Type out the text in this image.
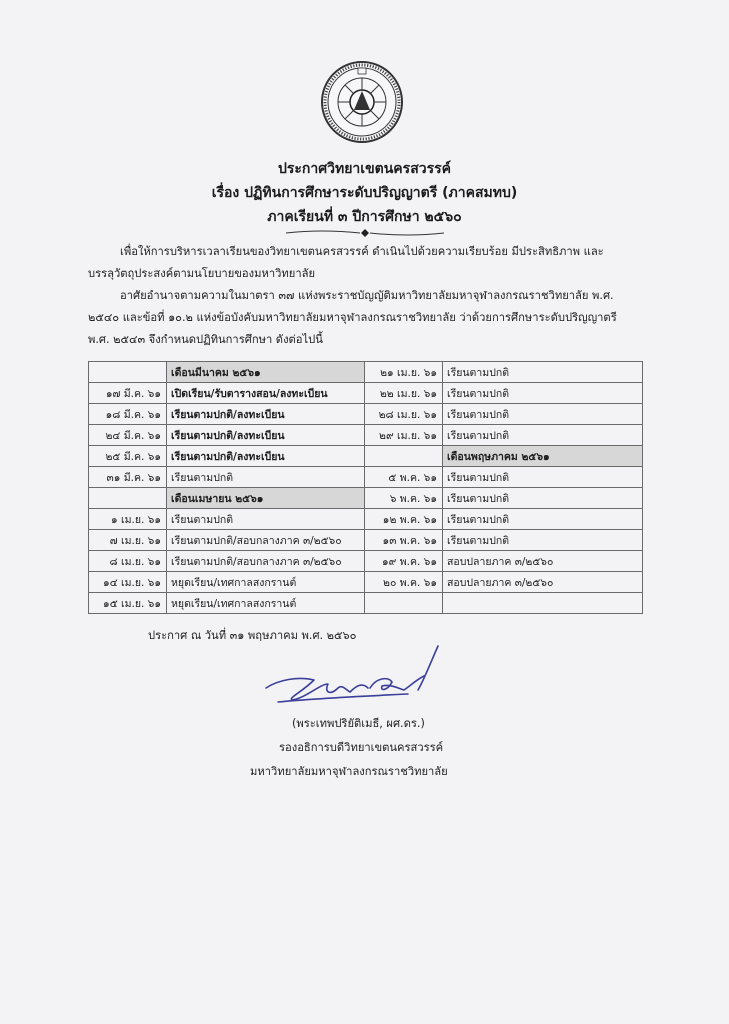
ประกาศวิทยาเขตนครสวรรค์
เรื่อง ปฏิทินการศึกษาระดับปริญญาตรี (ภาคสมทบ)
ภาคเรียนที่ ๓ ปีการศึกษา ๒๕๖๐
เพื่อให้การบริหารเวลาเรียนของวิทยาเขตนครสวรรค์ ดำเนินไปด้วยความเรียบร้อย มีประสิทธิภาพ และ
บรรลุวัตถุประสงค์ตามนโยบายของมหาวิทยาลัย
อาศัยอำนาจตามความในมาตรา ๓๗ แห่งพระราชบัญญัติมหาวิทยาลัยมหาจุฬาลงกรณราชวิทยาลัย พ.ศ.
๒๕๔๐ และข้อที่ ๑๐.๒ แห่งข้อบังคับมหาวิทยาลัยมหาจุฬาลงกรณราชวิทยาลัย ว่าด้วยการศึกษาระดับปริญญาตรี
พ.ศ. ๒๕๔๓ จึงกำหนดปฏิทินการศึกษา ดังต่อไปนี้
	เดือนมีนาคม ๒๕๖๑	๒๑ เม.ย. ๖๑	เรียนตามปกติ
๑๗ มี.ค. ๖๑	เปิดเรียน/รับตารางสอน/ลงทะเบียน	๒๒ เม.ย. ๖๑	เรียนตามปกติ
๑๘ มี.ค. ๖๑	เรียนตามปกติ/ลงทะเบียน	๒๘ เม.ย. ๖๑	เรียนตามปกติ
๒๔ มี.ค. ๖๑	เรียนตามปกติ/ลงทะเบียน	๒๙ เม.ย. ๖๑	เรียนตามปกติ
๒๕ มี.ค. ๖๑	เรียนตามปกติ/ลงทะเบียน		เดือนพฤษภาคม ๒๕๖๑
๓๑ มี.ค. ๖๑	เรียนตามปกติ	๕ พ.ค. ๖๑	เรียนตามปกติ
	เดือนเมษายน ๒๕๖๑	๖ พ.ค. ๖๑	เรียนตามปกติ
๑ เม.ย. ๖๑	เรียนตามปกติ	๑๒ พ.ค. ๖๑	เรียนตามปกติ
๗ เม.ย. ๖๑	เรียนตามปกติ/สอบกลางภาค ๓/๒๕๖๐	๑๓ พ.ค. ๖๑	เรียนตามปกติ
๘ เม.ย. ๖๑	เรียนตามปกติ/สอบกลางภาค ๓/๒๕๖๐	๑๙ พ.ค. ๖๑	สอบปลายภาค ๓/๒๕๖๐
๑๔ เม.ย. ๖๑	หยุดเรียน/เทศกาลสงกรานต์	๒๐ พ.ค. ๖๑	สอบปลายภาค ๓/๒๕๖๐
๑๕ เม.ย. ๖๑	หยุดเรียน/เทศกาลสงกรานต์		
ประกาศ ณ วันที่ ๓๑ พฤษภาคม พ.ศ. ๒๕๖๐
(พระเทพปริยัติเมธี, ผศ.ดร.)
รองอธิการบดีวิทยาเขตนครสวรรค์
มหาวิทยาลัยมหาจุฬาลงกรณราชวิทยาลัย
